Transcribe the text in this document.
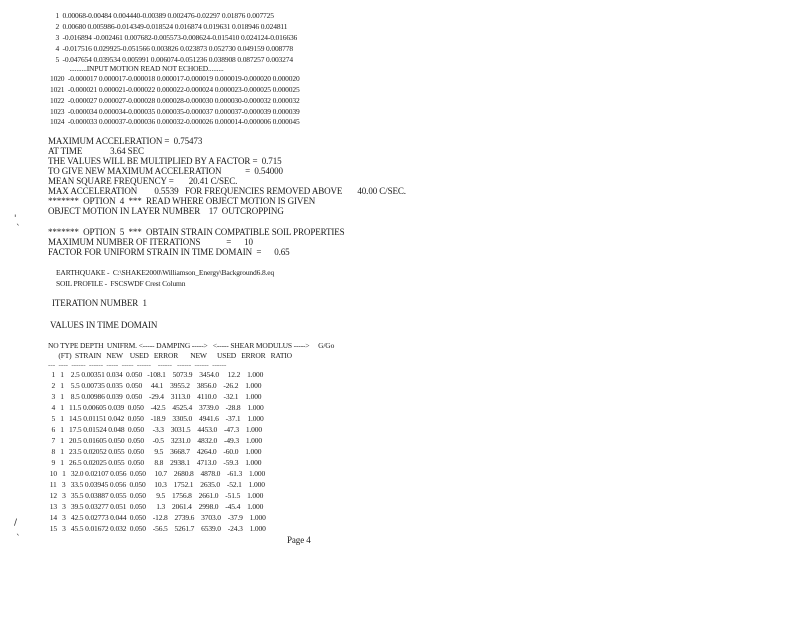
1  0.00068-0.00484 0.004440-0.00389 0.002476-0.02297 0.01876 0.007725
2  0.00680 0.005986-0.014349-0.018524 0.016874 0.019631 0.018946 0.024811
3  -0.016894 -0.002461 0.007682-0.005573-0.008624-0.015410 0.024124-0.016636
4  -0.017516 0.029925-0.051566 0.003826 0.023873 0.052730 0.049159 0.008778
5  -0.047654 0.039534 0.005991 0.006074-0.051236 0.038908 0.087257 0.003274
..........INPUT MOTION READ NOT ECHOED.........
1020  -0.000017 0.000017-0.000018 0.000017-0.000019 0.000019-0.000020 0.000020
1021  -0.000021 0.000021-0.000022 0.000022-0.000024 0.000023-0.000025 0.000025
1022  -0.000027 0.000027-0.000028 0.000028-0.000030 0.000030-0.000032 0.000032
1023  -0.000034 0.000034-0.000035 0.000035-0.000037 0.000037-0.000039 0.000039
1024  -0.000033 0.000037-0.000036 0.000032-0.000026 0.000014-0.000006 0.000045
MAXIMUM ACCELERATION =  0.75473
AT TIME             3.64 SEC
THE VALUES WILL BE MULTIPLIED BY A FACTOR =  0.715
TO GIVE NEW MAXIMUM ACCELERATION           =  0.54000
MEAN SQUARE FREQUENCY =       20.41 C/SEC.
MAX ACCELERATION        0.5539   FOR FREQUENCIES REMOVED ABOVE       40.00 C/SEC.
*******  OPTION  4  ***  READ WHERE OBJECT MOTION IS GIVEN
OBJECT MOTION IN LAYER NUMBER    17  OUTCROPPING
*******  OPTION  5  ***  OBTAIN STRAIN COMPATIBLE SOIL PROPERTIES
MAXIMUM NUMBER OF ITERATIONS            =      10
FACTOR FOR UNIFORM STRAIN IN TIME DOMAIN  =      0.65
EARTHQUAKE -  C:\SHAKE2000\Williamson_Energy\Background6.8.eq
SOIL PROFILE -  FSCSWDF Crest Column
ITERATION NUMBER  1
VALUES IN TIME DOMAIN
NO TYPE DEPTH  UNIFRM. <----- DAMPING ----->   <----- SHEAR MODULUS ----->     G/Go
(FT)  STRAIN   NEW    USED   ERROR       NEW      USED   ERROR   RATIO
---  ----  ------  ------  -----  -----  ------    ------   ------  ------  ------
1   1    2.5 0.00351 0.034  0.050   -108.1    5073.9    3454.0     12.2    1.000
2   1    5.5 0.00735 0.035  0.050     44.1    3955.2    3856.0    -26.2    1.000
3   1    8.5 0.00986 0.039  0.050    -29.4    3113.0    4110.0    -32.1    1.000
4   1   11.5 0.00605 0.039  0.050    -42.5    4525.4    3739.0    -28.8    1.000
5   1   14.5 0.01151 0.042  0.050    -18.9    3305.0    4941.6    -37.1    1.000
6   1   17.5 0.01524 0.048  0.050     -3.3    3031.5    4453.0    -47.3    1.000
7   1   20.5 0.01605 0.050  0.050     -0.5    3231.0    4832.0    -49.3    1.000
8   1   23.5 0.02052 0.055  0.050      9.5    3668.7    4264.0    -60.0    1.000
9   1   26.5 0.02025 0.055  0.050      8.8    2938.1    4713.0    -59.3    1.000
10   1   32.0 0.02107 0.056  0.050     10.7    2680.8    4878.0    -61.3    1.000
11   3   33.5 0.03945 0.056  0.050     10.3    1752.1    2635.0    -52.1    1.000
12   3   35.5 0.03887 0.055  0.050      9.5    1756.8    2661.0    -51.5    1.000
13   3   39.5 0.03277 0.051  0.050      1.3    2061.4    2998.0    -45.4    1.000
14   3   42.5 0.02773 0.044  0.050    -12.8    2739.6    3703.0    -37.9    1.000
15   3   45.5 0.01672 0.032  0.050    -56.5    5261.7    6539.0    -24.3    1.000
Page 4
'
`
/
`
